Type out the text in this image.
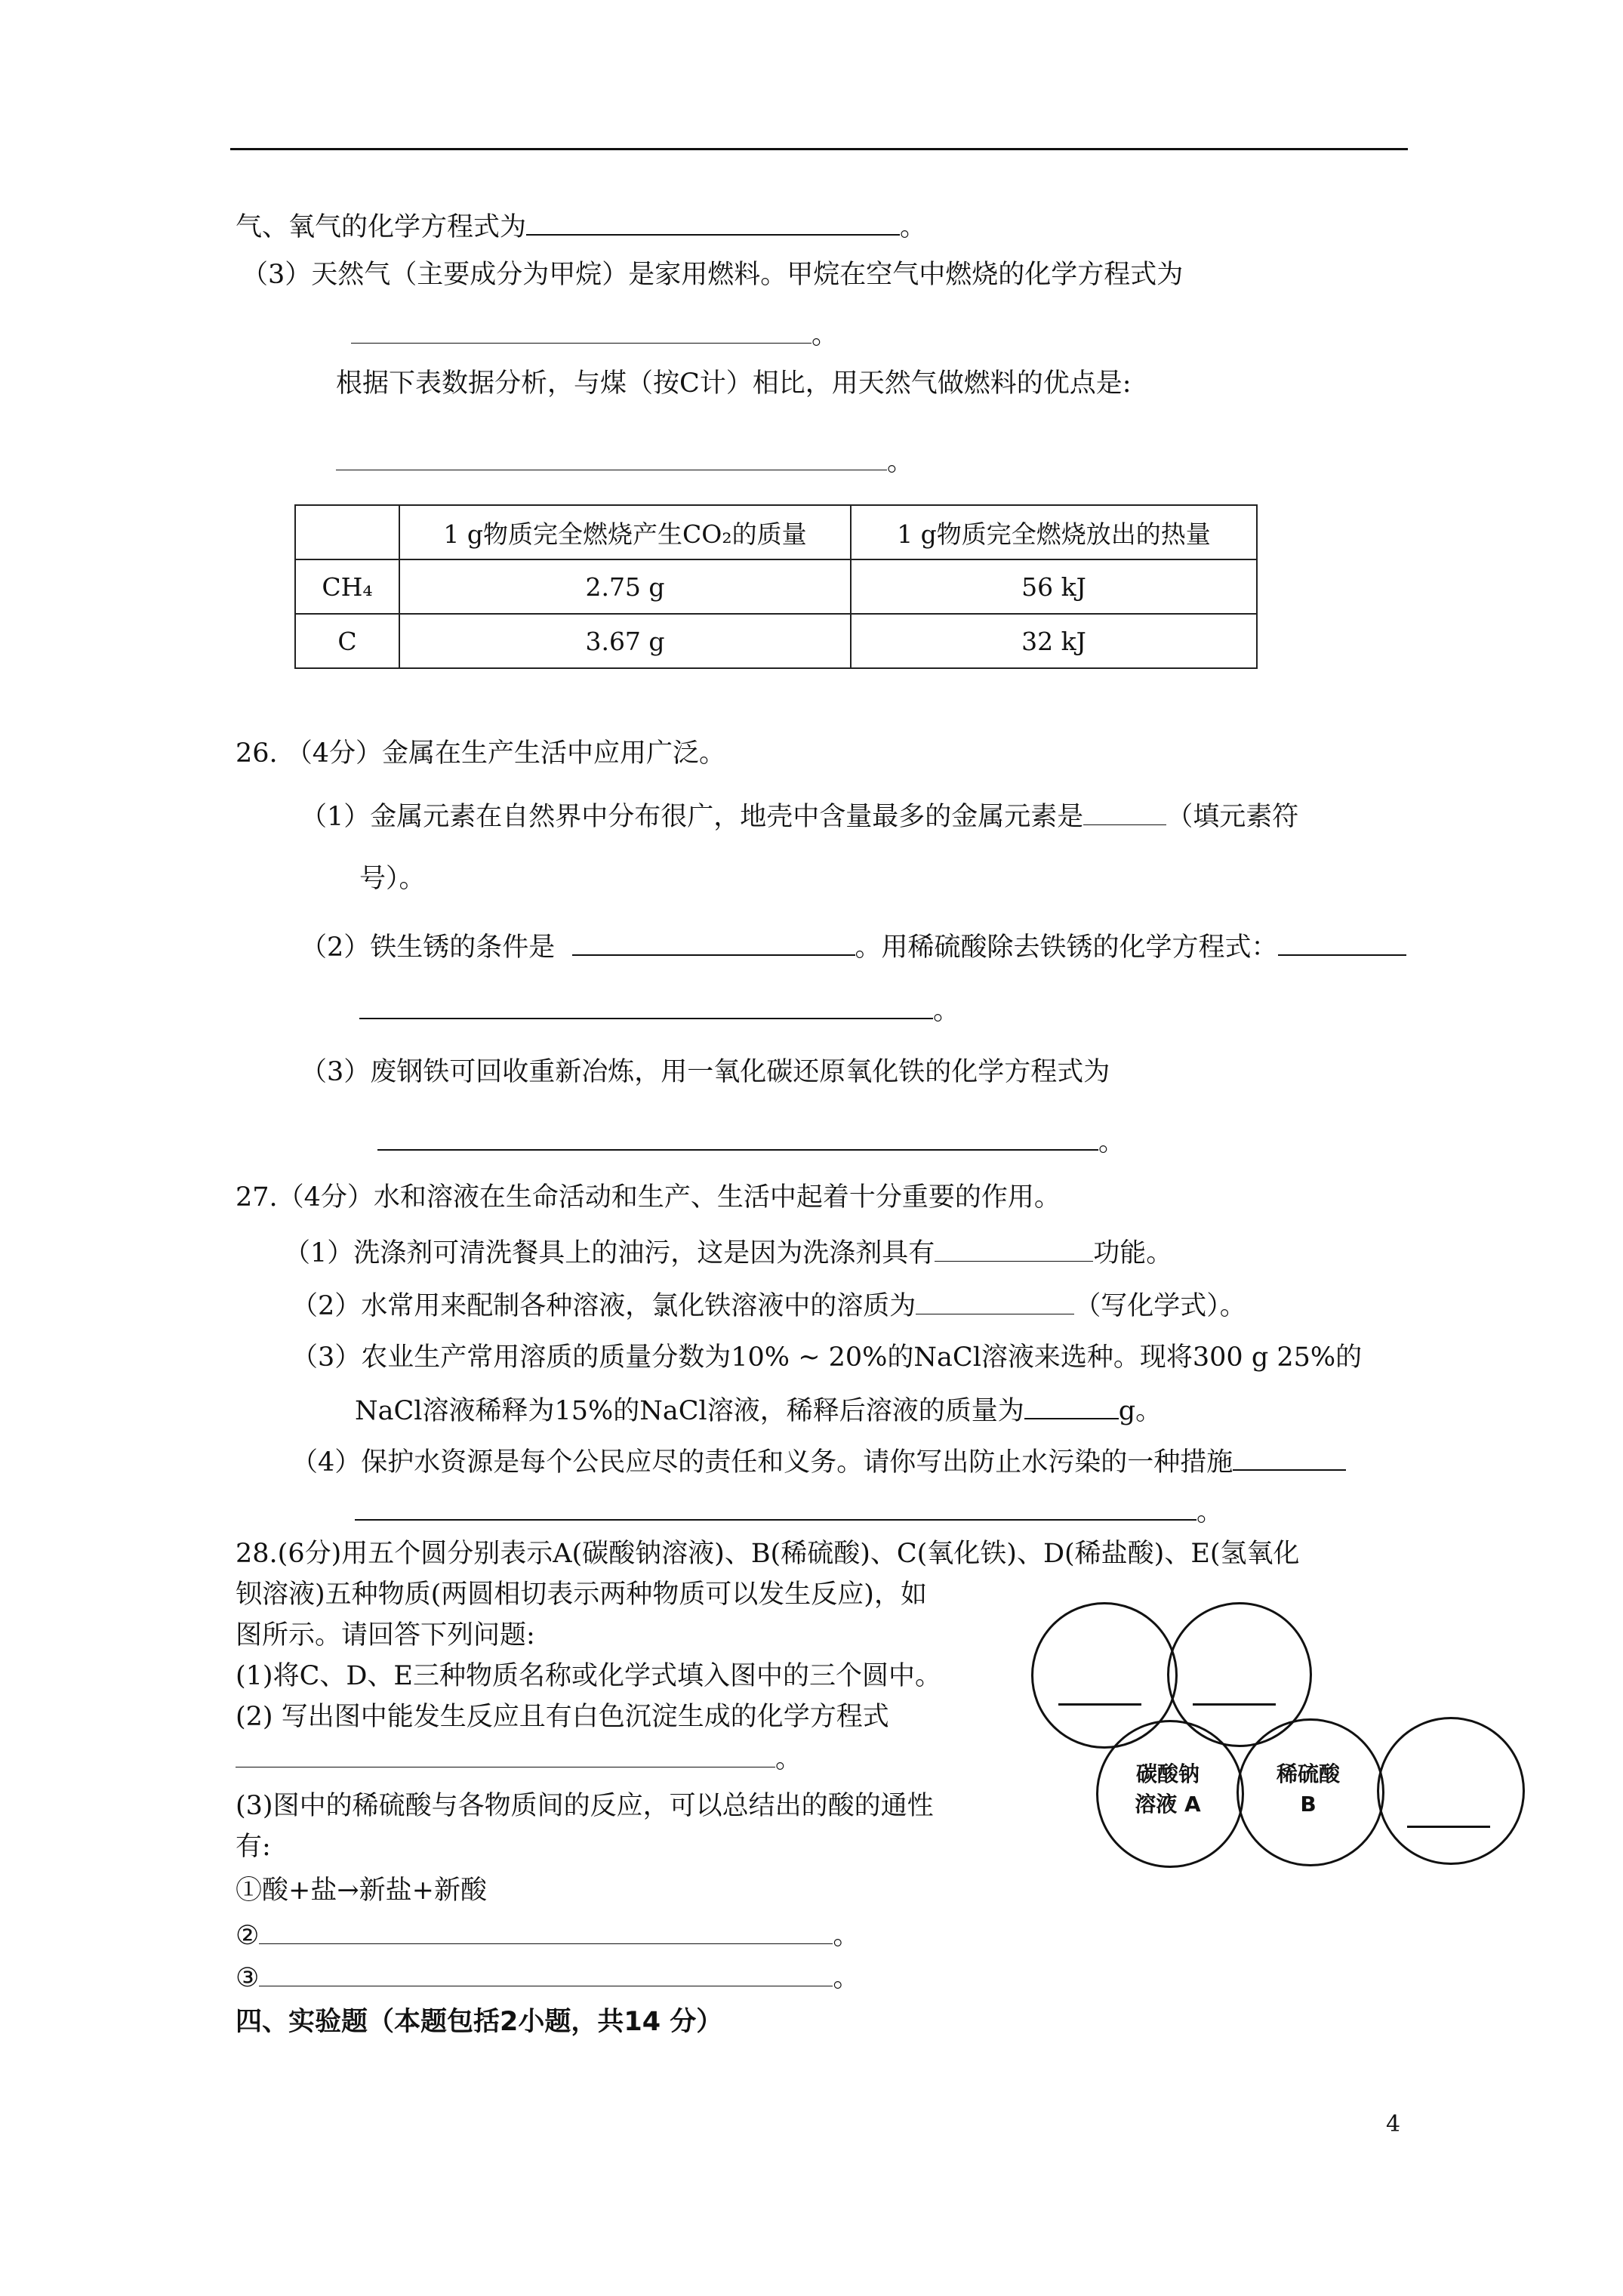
气、氧气的化学方程式为	。
（3）天然气（主要成分为甲烷）是家用燃料。甲烷在空气中燃烧的化学方程式为
。
根据下表数据分析，与煤（按C计）相比，用天然气做燃料的优点是:
。
	1 g物质完全燃烧产生CO₂的质量	1 g物质完全燃烧放出的热量
CH₄	2.75 g	56 kJ
C	3.67 g	32 kJ
26. （4分）金属在生产生活中应用广泛。
（1）金属元素在自然界中分布很广，地壳中含量最多的金属元素是	（填元素符
号）。
（2）铁生锈的条件是	。用稀硫酸除去铁锈的化学方程式：
。
（3）废钢铁可回收重新冶炼，用一氧化碳还原氧化铁的化学方程式为
。
27.（4分）水和溶液在生命活动和生产、生活中起着十分重要的作用。
（1）洗涤剂可清洗餐具上的油污，这是因为洗涤剂具有	功能。
（2）水常用来配制各种溶液，氯化铁溶液中的溶质为	（写化学式）。
（3）农业生产常用溶质的质量分数为10% ~ 20%的NaCl溶液来选种。现将300 g 25%的
NaCl溶液稀释为15%的NaCl溶液，稀释后溶液的质量为	g。
（4）保护水资源是每个公民应尽的责任和义务。请你写出防止水污染的一种措施
。
28.(6分)用五个圆分别表示A(碳酸钠溶液)、B(稀硫酸)、C(氧化铁)、D(稀盐酸)、E(氢氧化
钡溶液)五种物质(两圆相切表示两种物质可以发生反应)，如
图所示。请回答下列问题:
(1)将C、D、E三种物质名称或化学式填入图中的三个圆中。
(2) 写出图中能发生反应且有白色沉淀生成的化学方程式
。
(3)图中的稀硫酸与各物质间的反应，可以总结出的酸的通性
有:
①酸+盐→新盐+新酸
②	。
③	。
碳酸钠
溶液 A
稀硫酸
B
四、实验题（本题包括2小题，共14 分）
4
